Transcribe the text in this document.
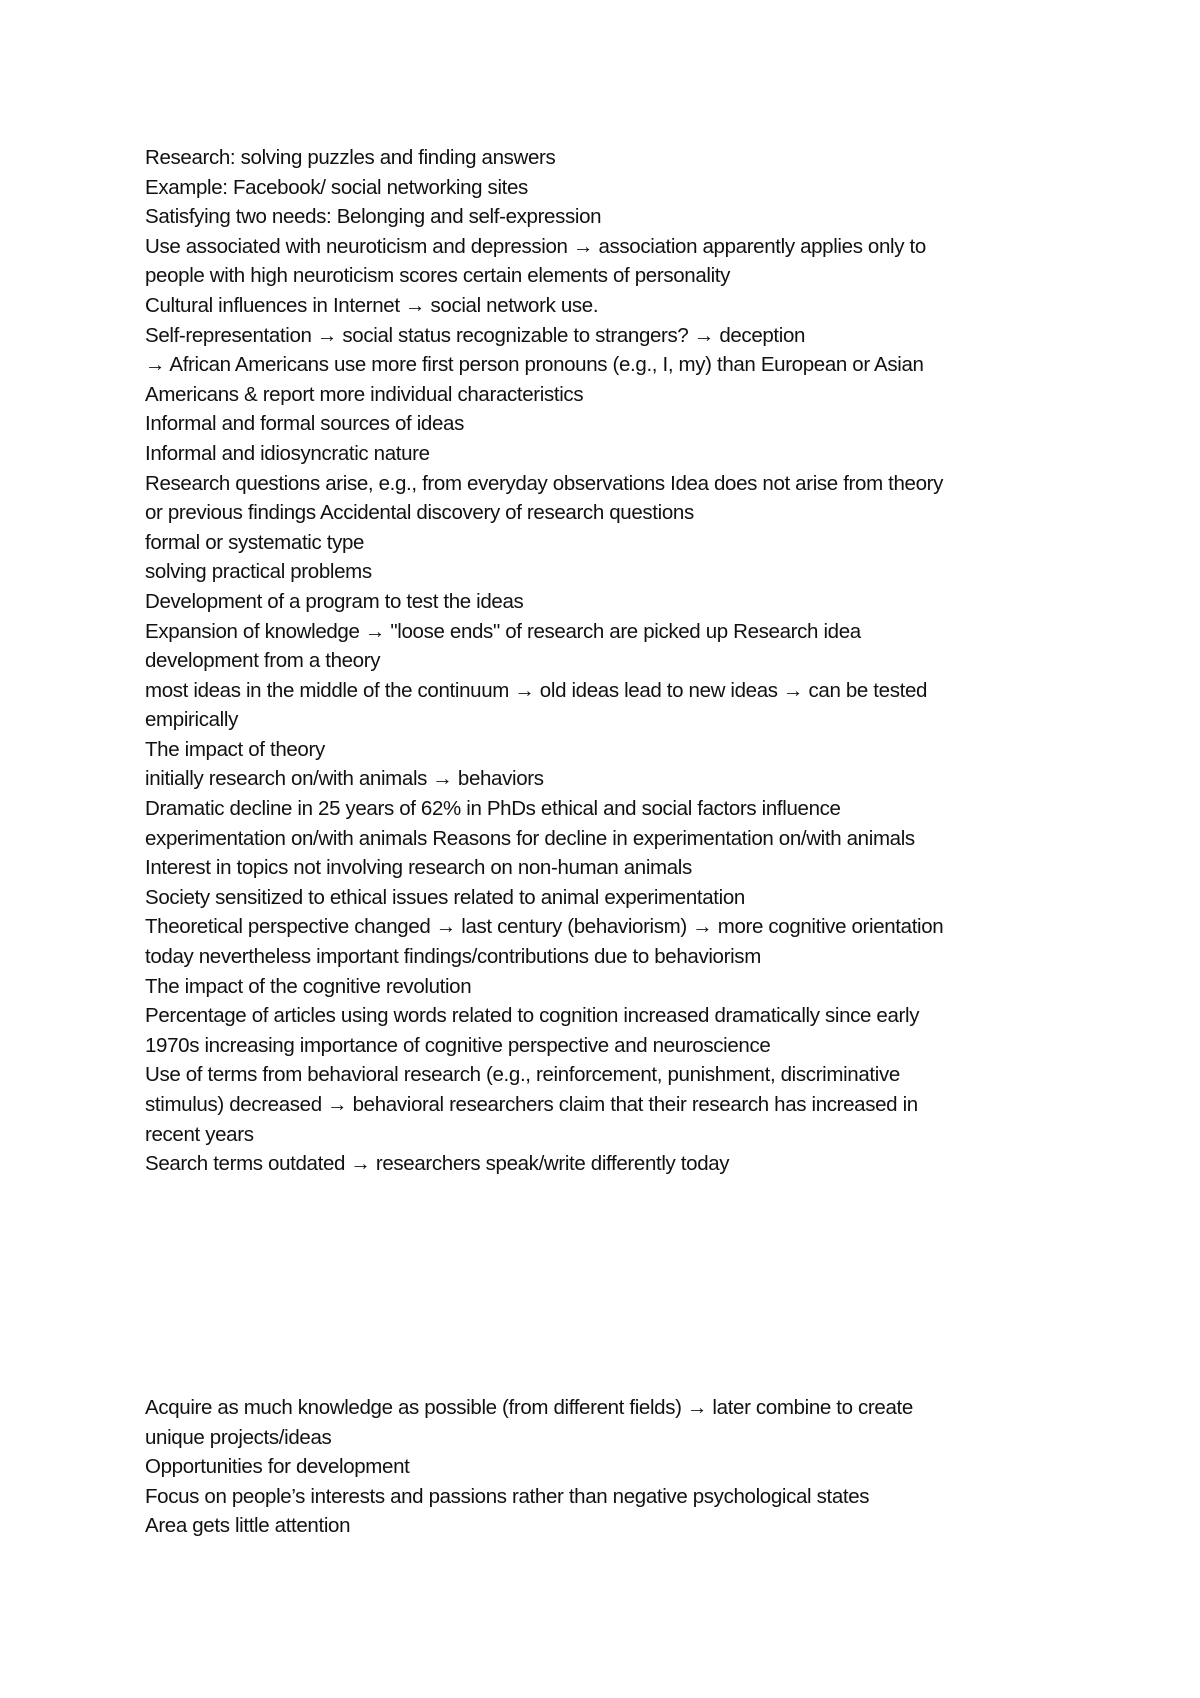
Research: solving puzzles and finding answers
Example: Facebook/ social networking sites
Satisfying two needs: Belonging and self-expression
Use associated with neuroticism and depression → association apparently applies only to
people with high neuroticism scores certain elements of personality
Cultural influences in Internet → social network use.
Self-representation → social status recognizable to strangers? → deception
→ African Americans use more first person pronouns (e.g., I, my) than European or Asian
Americans & report more individual characteristics
Informal and formal sources of ideas
Informal and idiosyncratic nature
Research questions arise, e.g., from everyday observations Idea does not arise from theory
or previous findings Accidental discovery of research questions
formal or systematic type
solving practical problems
Development of a program to test the ideas
Expansion of knowledge → "loose ends" of research are picked up Research idea
development from a theory
most ideas in the middle of the continuum → old ideas lead to new ideas → can be tested
empirically
The impact of theory
initially research on/with animals → behaviors
Dramatic decline in 25 years of 62% in PhDs ethical and social factors influence
experimentation on/with animals Reasons for decline in experimentation on/with animals
Interest in topics not involving research on non-human animals
Society sensitized to ethical issues related to animal experimentation
Theoretical perspective changed → last century (behaviorism) → more cognitive orientation
today nevertheless important findings/contributions due to behaviorism
The impact of the cognitive revolution
Percentage of articles using words related to cognition increased dramatically since early
1970s increasing importance of cognitive perspective and neuroscience
Use of terms from behavioral research (e.g., reinforcement, punishment, discriminative
stimulus) decreased → behavioral researchers claim that their research has increased in
recent years
Search terms outdated → researchers speak/write differently today
Acquire as much knowledge as possible (from different fields) → later combine to create
unique projects/ideas
Opportunities for development
Focus on people’s interests and passions rather than negative psychological states
Area gets little attention
